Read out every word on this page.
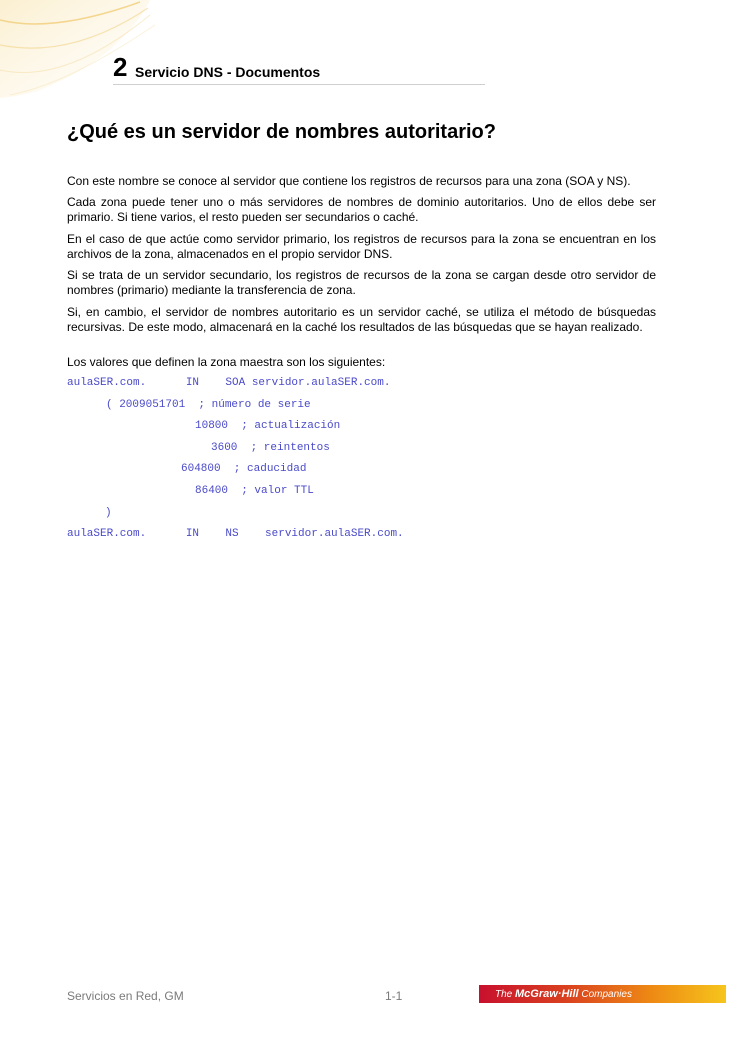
2 Servicio DNS - Documentos
¿Qué es un servidor de nombres autoritario?

Con este nombre se conoce al servidor que contiene los registros de recursos para una zona (SOA y NS).

Cada zona puede tener uno o más servidores de nombres de dominio autoritarios. Uno de ellos debe ser primario. Si tiene varios, el resto pueden ser secundarios o caché.

En el caso de que actúe como servidor primario, los registros de recursos para la zona se encuentran en los archivos de la zona, almacenados en el propio servidor DNS.

Si se trata de un servidor secundario, los registros de recursos de la zona se cargan desde otro servidor de nombres (primario) mediante la transferencia de zona.

Si, en cambio, el servidor de nombres autoritario es un servidor caché, se utiliza el método de búsquedas recursivas. De este modo, almacenará en la caché los resultados de las búsquedas que se hayan realizado.

Los valores que definen la zona maestra son los siguientes:

aulaSER.com.      IN    SOA servidor.aulaSER.com.

( 2009051701  ; número de serie

10800  ; actualización

3600  ; reintentos

604800  ; caducidad

86400  ; valor TTL

)

aulaSER.com.      IN    NS    servidor.aulaSER.com.

Servicios en Red, GM	1-1	The McGraw·Hill Companies
